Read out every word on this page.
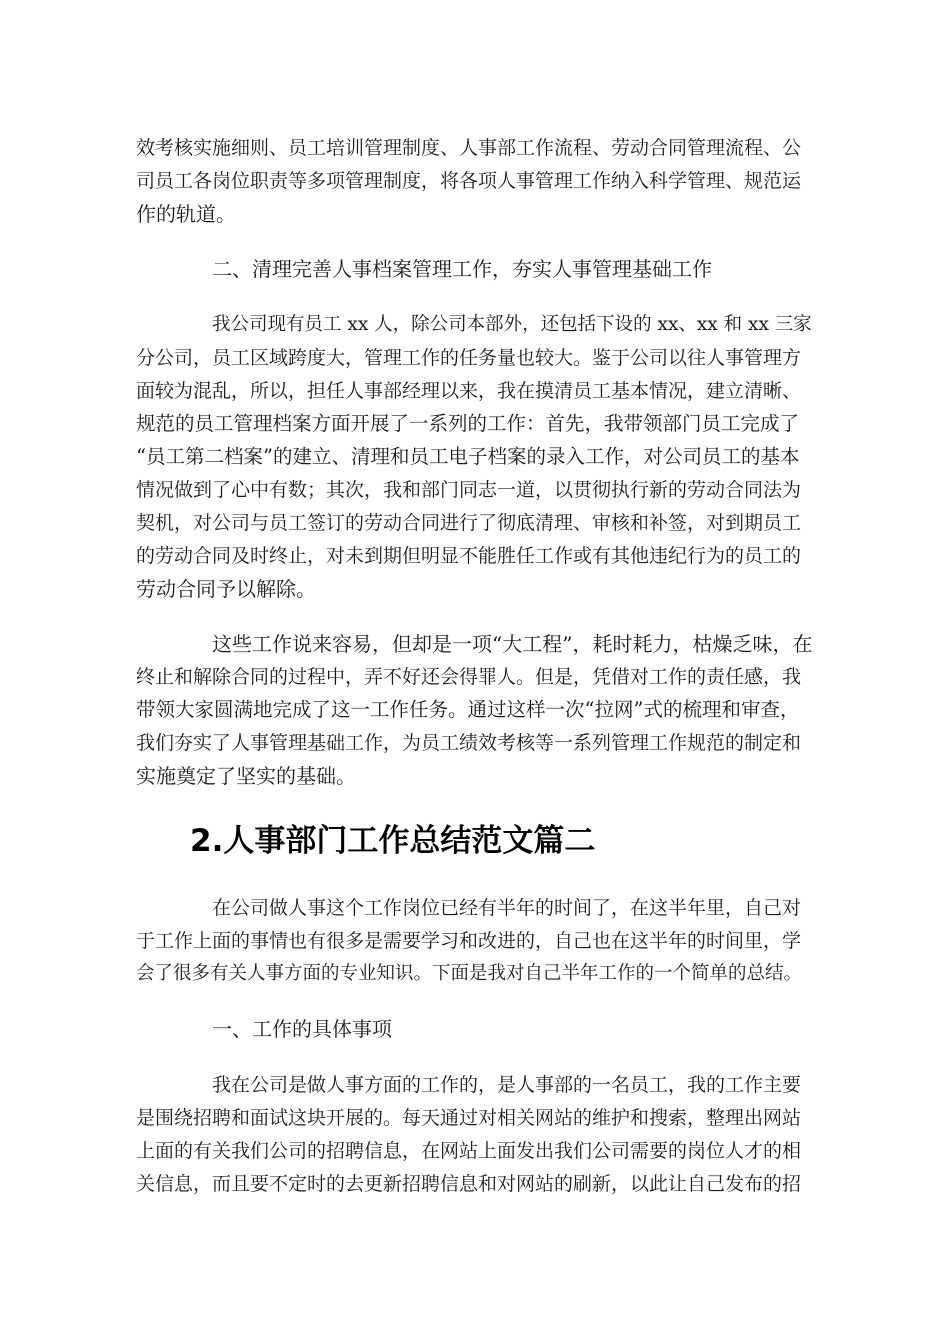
效考核实施细则、员工培训管理制度、人事部工作流程、劳动合同管理流程、公
司员工各岗位职责等多项管理制度，将各项人事管理工作纳入科学管理、规范运
作的轨道。
二、清理完善人事档案管理工作，夯实人事管理基础工作
我公司现有员工 xx 人，除公司本部外，还包括下设的 xx、xx 和 xx 三家
分公司，员工区域跨度大，管理工作的任务量也较大。鉴于公司以往人事管理方
面较为混乱，所以，担任人事部经理以来，我在摸清员工基本情况，建立清晰、
规范的员工管理档案方面开展了一系列的工作：首先，我带领部门员工完成了
“员工第二档案”的建立、清理和员工电子档案的录入工作，对公司员工的基本
情况做到了心中有数；其次，我和部门同志一道，以贯彻执行新的劳动合同法为
契机，对公司与员工签订的劳动合同进行了彻底清理、审核和补签，对到期员工
的劳动合同及时终止，对未到期但明显不能胜任工作或有其他违纪行为的员工的
劳动合同予以解除。
这些工作说来容易，但却是一项“大工程”，耗时耗力，枯燥乏味，在
终止和解除合同的过程中，弄不好还会得罪人。但是，凭借对工作的责任感，我
带领大家圆满地完成了这一工作任务。通过这样一次“拉网”式的梳理和审查，
我们夯实了人事管理基础工作，为员工绩效考核等一系列管理工作规范的制定和
实施奠定了坚实的基础。
2.人事部门工作总结范文篇二
在公司做人事这个工作岗位已经有半年的时间了，在这半年里，自己对
于工作上面的事情也有很多是需要学习和改进的，自己也在这半年的时间里，学
会了很多有关人事方面的专业知识。下面是我对自己半年工作的一个简单的总结。
一、工作的具体事项
我在公司是做人事方面的工作的，是人事部的一名员工，我的工作主要
是围绕招聘和面试这块开展的。每天通过对相关网站的维护和搜索，整理出网站
上面的有关我们公司的招聘信息，在网站上面发出我们公司需要的岗位人才的相
关信息，而且要不定时的去更新招聘信息和对网站的刷新，以此让自己发布的招
